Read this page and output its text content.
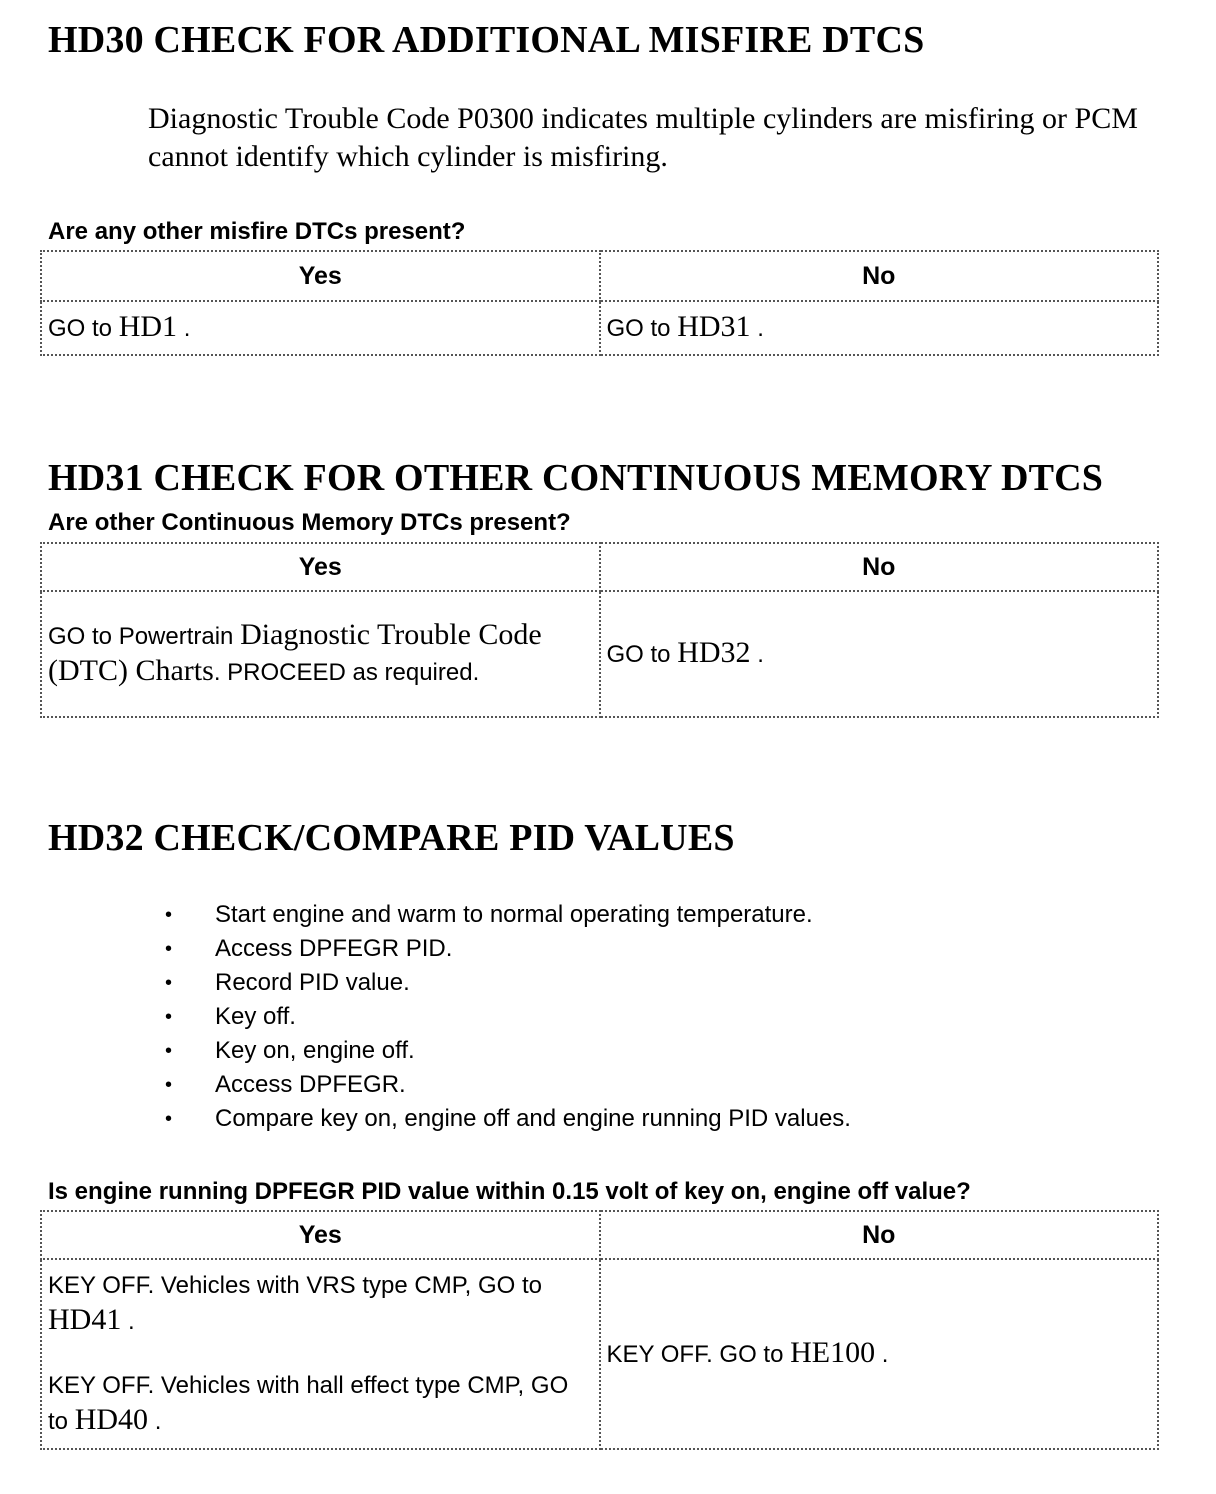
HD30 CHECK FOR ADDITIONAL MISFIRE DTCS

Diagnostic Trouble Code P0300 indicates multiple cylinders are misfiring or PCM cannot identify which cylinder is misfiring.

Are any other misfire DTCs present?

Yes	No
GO to HD1 .	GO to HD31 .
HD31 CHECK FOR OTHER CONTINUOUS MEMORY DTCS

Are other Continuous Memory DTCs present?

Yes	No
GO to Powertrain Diagnostic Trouble Code (DTC) Charts. PROCEED as required.	GO to HD32 .
HD32 CHECK/COMPARE PID VALUES
• Start engine and warm to normal operating temperature.
• Access DPFEGR PID.
• Record PID value.
• Key off.
• Key on, engine off.
• Access DPFEGR.
• Compare key on, engine off and engine running PID values.

Is engine running DPFEGR PID value within 0.15 volt of key on, engine off value?

Yes	No

KEY OFF. Vehicles with VRS type CMP, GO to HD41 .
KEY OFF. Vehicles with hall effect type CMP, GO to HD40 .	KEY OFF. GO to HE100 .
